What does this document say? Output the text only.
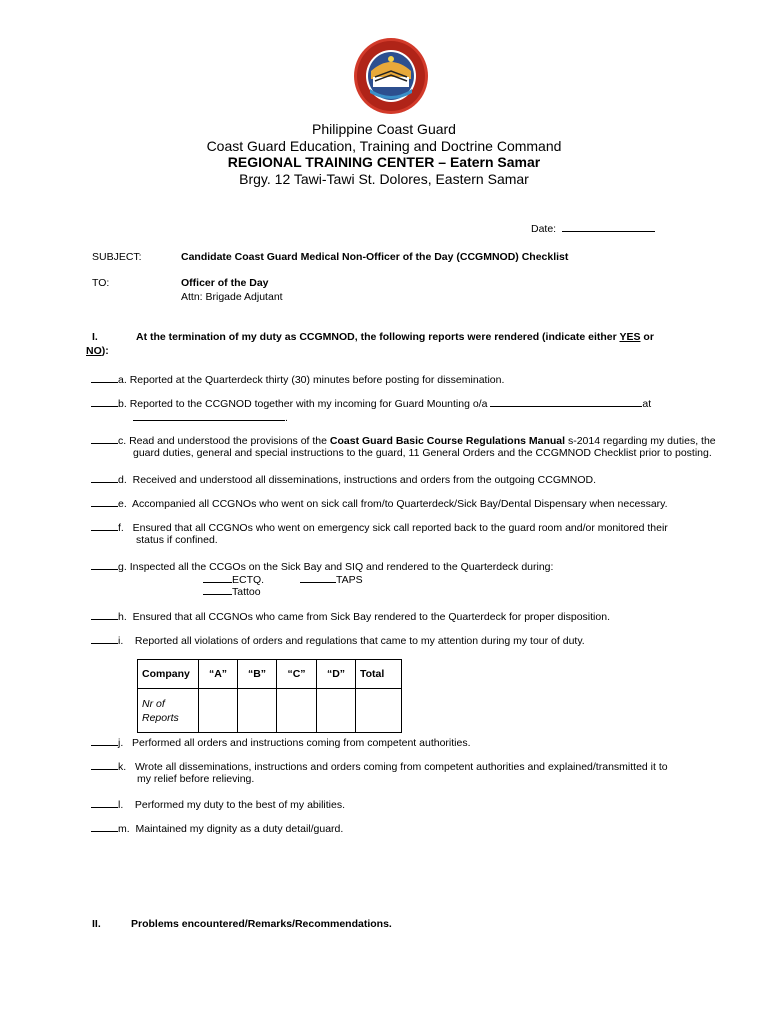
Philippine Coast Guard
Coast Guard Education, Training and Doctrine Command
REGIONAL TRAINING CENTER – Eatern Samar
Brgy. 12 Tawi-Tawi St. Dolores, Eastern Samar
Date:
SUBJECT:	Candidate Coast Guard Medical Non-Officer of the Day (CCGMNOD) Checklist
TO:	Officer of the Day
Attn: Brigade Adjutant
I.	At the termination of my duty as CCGMNOD, the following reports were rendered (indicate either YES or
NO):
a. Reported at the Quarterdeck thirty (30) minutes before posting for dissemination.
b. Reported to the CCGNOD together with my incoming for Guard Mounting o/a	at
.
c. Read and understood the provisions of the Coast Guard Basic Course Regulations Manual s-2014 regarding my duties, the
guard duties, general and special instructions to the guard, 11 General Orders and the CCGMNOD Checklist prior to posting.
d. Received and understood all disseminations, instructions and orders from the outgoing CCGMNOD.
e. Accompanied all CCGNOs who went on sick call from/to Quarterdeck/Sick Bay/Dental Dispensary when necessary.
f. Ensured that all CCGNOs who went on emergency sick call reported back to the guard room and/or monitored their
status if confined.
g. Inspected all the CCGOs on the Sick Bay and SIQ and rendered to the Quarterdeck during:
ECTQ.	TAPS
Tattoo
h. Ensured that all CCGNOs who came from Sick Bay rendered to the Quarterdeck for proper disposition.
i. Reported all violations of orders and regulations that came to my attention during my tour of duty.
Company	“A”	“B”	“C”	“D”	Total
Nr of Reports					
j. Performed all orders and instructions coming from competent authorities.
k. Wrote all disseminations, instructions and orders coming from competent authorities and explained/transmitted it to
my relief before relieving.
l. Performed my duty to the best of my abilities.
m. Maintained my dignity as a duty detail/guard.
II.	Problems encountered/Remarks/Recommendations.
